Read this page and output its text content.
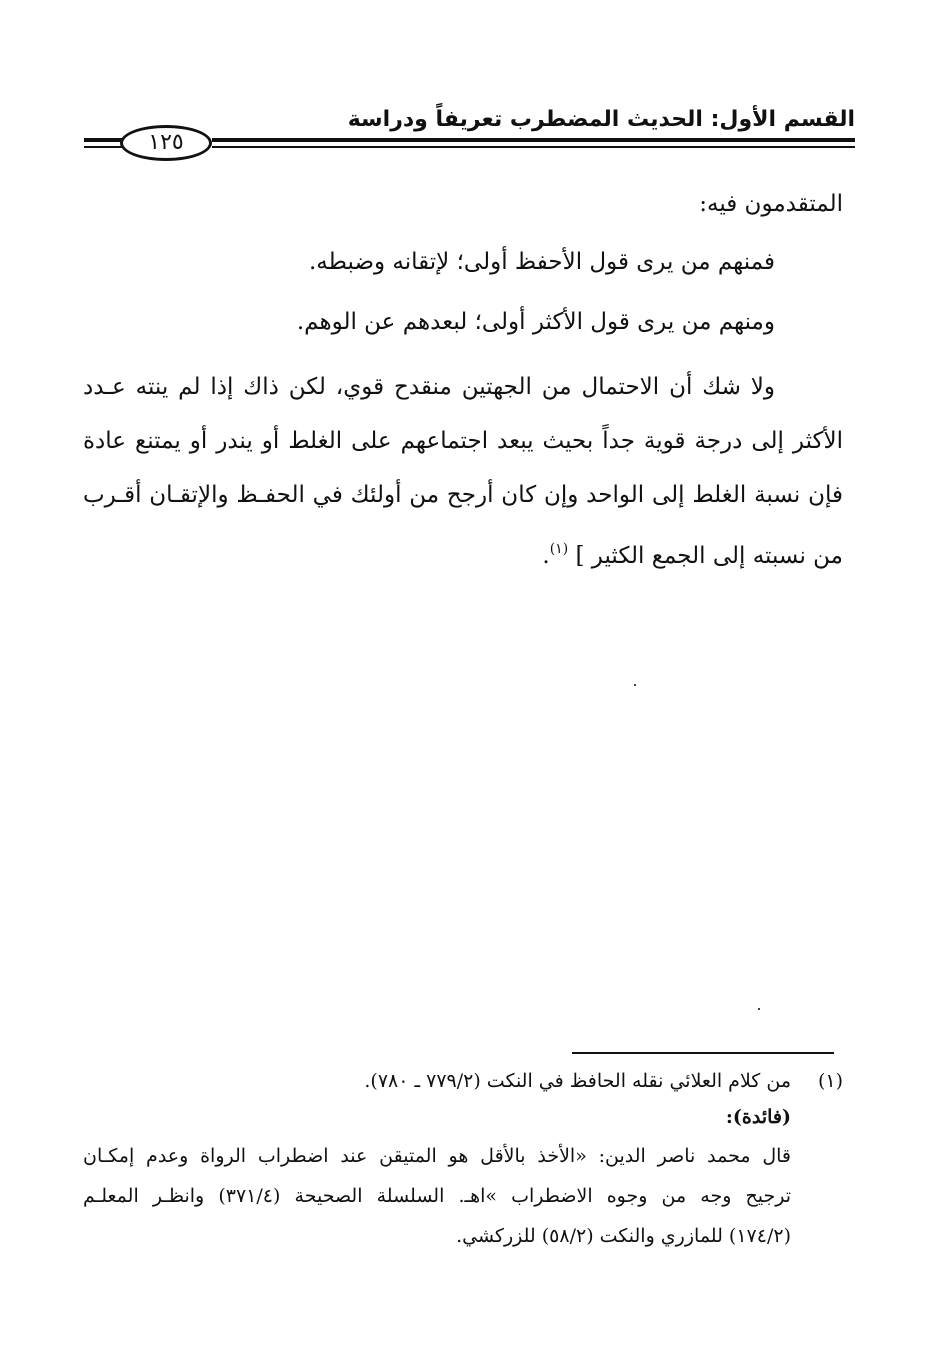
القسم الأول: الحديث المضطرب تعريفاً ودراسة
١٢٥
المتقدمون فيه:
فمنهم من يرى قول الأحفظ أولى؛ لإتقانه وضبطه.
ومنهم من يرى قول الأكثر أولى؛ لبعدهم عن الوهم.
ولا شك أن الاحتمال من الجهتين منقدح قوي، لكن ذاك إذا لم ينته عـدد
الأكثر إلى درجة قوية جداً بحيث يبعد اجتماعهم على الغلط أو يندر أو يمتنع عادة
فإن نسبة الغلط إلى الواحد وإن كان أرجح من أولئك في الحفـظ والإتقـان أقـرب
من نسبته إلى الجمع الكثير ] $^{(١)}$.
(١)من كلام العلائي نقله الحافظ في النكت (٧٧٩/٢ ـ ٧٨٠).
(فائدة):
قال محمد ناصر الدين: «الأخذ بالأقل هو المتيقن عند اضطراب الرواة وعدم إمكـان
ترجيح وجه من وجوه الاضطراب »اهـ. السلسلة الصحيحة (٣٧١/٤) وانظـر المعلـم
(١٧٤/٢) للمازري والنكت (٥٨/٢) للزركشي.
